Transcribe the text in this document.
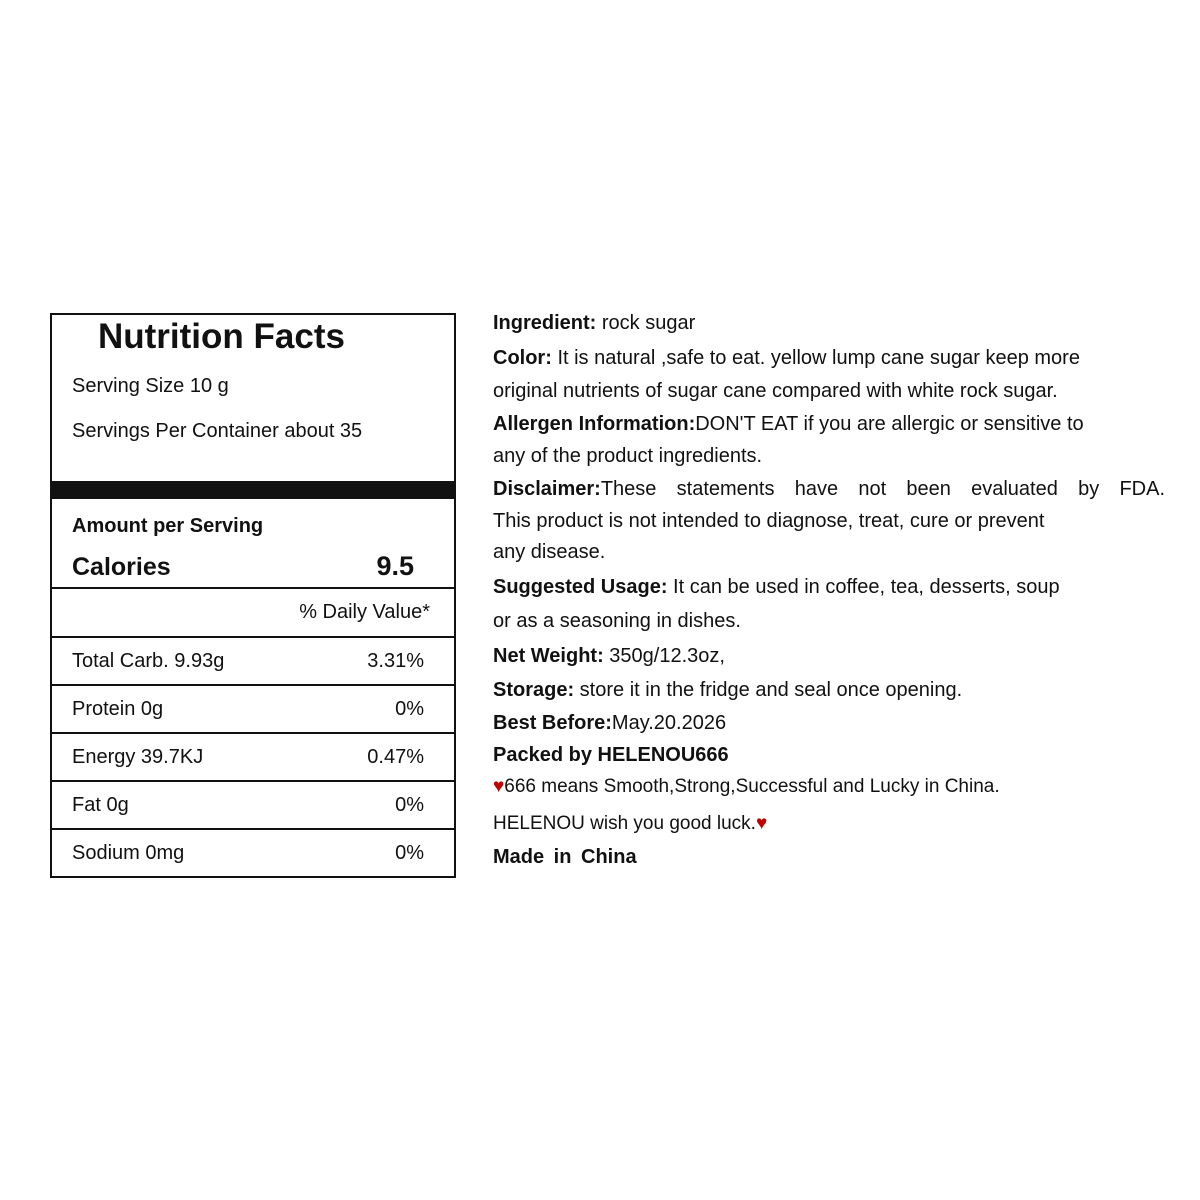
Nutrition Facts
Serving Size 10 g
Servings Per Container about 35
Amount per Serving
Calories	9.5
% Daily Value*
Total Carb. 9.93g	3.31%
Protein 0g	0%
Energy 39.7KJ	0.47%
Fat 0g	0%
Sodium 0mg	0%
Ingredient: rock sugar
Color: It is natural ,safe to eat. yellow lump cane sugar keep more
original nutrients of sugar cane compared with white rock sugar.
Allergen Information:DON'T EAT if you are allergic or sensitive to
any of the product ingredients.
Disclaimer:These statements have not been evaluated by FDA.
This product is not intended to diagnose, treat, cure or prevent
any disease.
Suggested Usage: It can be used in coffee, tea, desserts, soup
or as a seasoning in dishes.
Net Weight: 350g/12.3oz,
Storage: store it in the fridge and seal once opening.
Best Before:May.20.2026
Packed by HELENOU666
♥666 means Smooth,Strong,Successful and Lucky in China.
HELENOU wish you good luck.♥
Made in China
